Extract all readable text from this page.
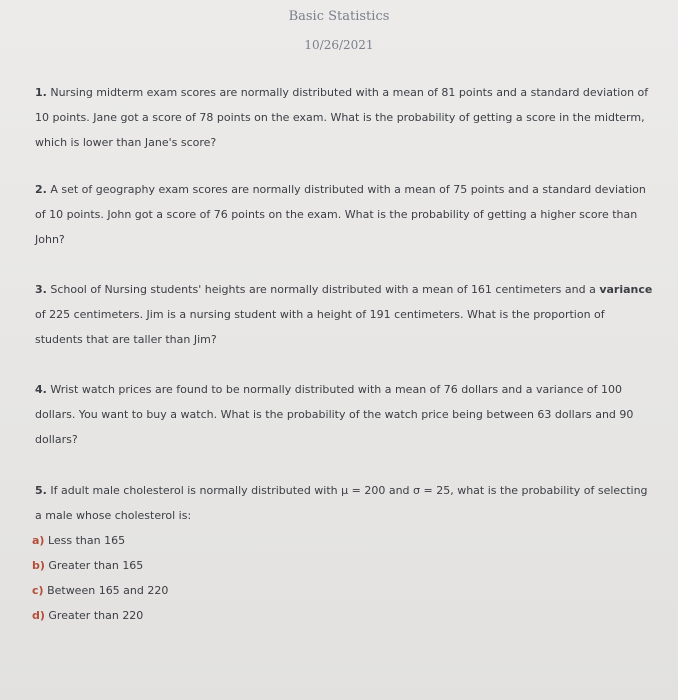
Basic Statistics
10/26/2021

1. Nursing midterm exam scores are normally distributed with a mean of 81 points and a standard deviation of 10 points. Jane got a score of 78 points on the exam. What is the probability of getting a score in the midterm, which is lower than Jane's score?

2. A set of geography exam scores are normally distributed with a mean of 75 points and a standard deviation of 10 points. John got a score of 76 points on the exam. What is the probability of getting a higher score than John?

3. School of Nursing students' heights are normally distributed with a mean of 161 centimeters and a variance of 225 centimeters. Jim is a nursing student with a height of 191 centimeters. What is the proportion of students that are taller than Jim?

4. Wrist watch prices are found to be normally distributed with a mean of 76 dollars and a variance of 100 dollars. You want to buy a watch. What is the probability of the watch price being between 63 dollars and 90 dollars?

5. If adult male cholesterol is normally distributed with μ = 200 and σ = 25, what is the probability of selecting a male whose cholesterol is:

a) Less than 165
b) Greater than 165
c) Between 165 and 220
d) Greater than 220
